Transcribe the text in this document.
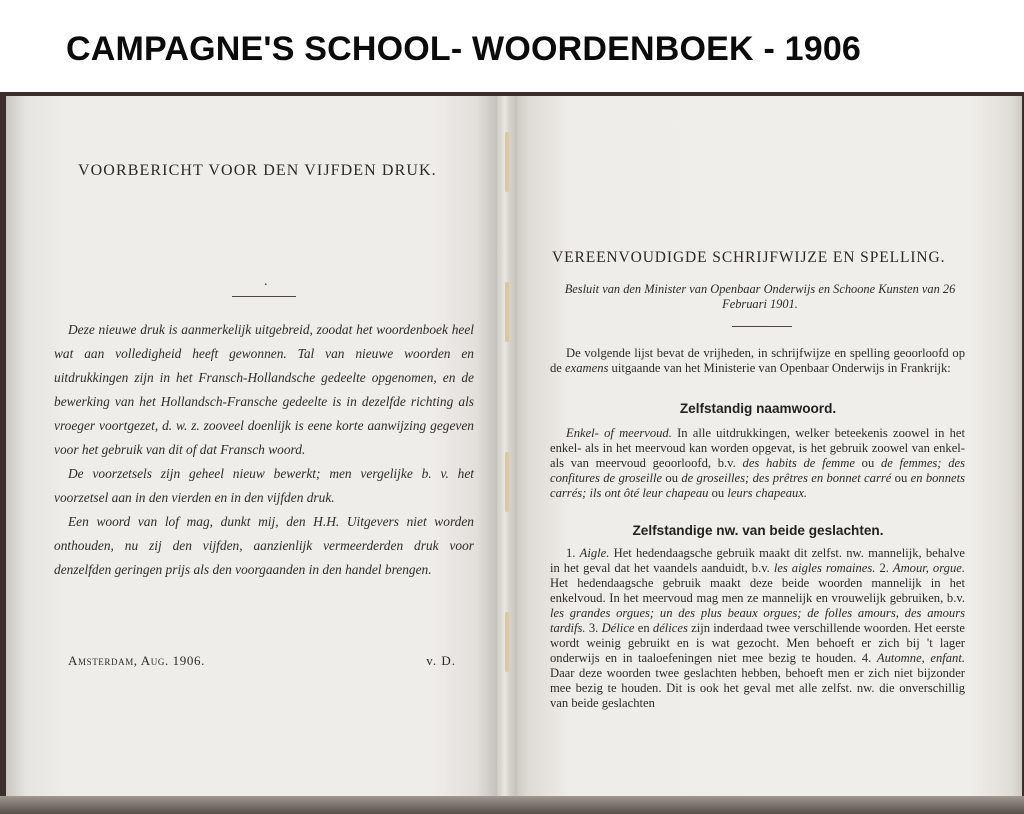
CAMPAGNE'S SCHOOL- WOORDENBOEK - 1906
VOORBERICHT VOOR DEN VIJFDEN DRUK.
.

Deze nieuwe druk is aanmerkelijk uitgebreid, zoodat het woordenboek heel wat aan volledigheid heeft gewonnen. Tal van nieuwe woorden en uitdrukkingen zijn in het Fransch-Hollandsche gedeelte opgenomen, en de bewerking van het Hollandsch-Fransche gedeelte is in dezelfde richting als vroeger voortgezet, d. w. z. zooveel doenlijk is eene korte aanwijzing gegeven voor het gebruik van dit of dat Fransch woord.

De voorzetsels zijn geheel nieuw bewerkt; men vergelijke b. v. het voorzetsel aan in den vierden en in den vijfden druk.

Een woord van lof mag, dunkt mij, den H.H. Uitgevers niet worden onthouden, nu zij den vijfden, aanzienlijk vermeerderden druk voor denzelfden geringen prijs als den voorgaanden in den handel brengen.

Amsterdam, Aug. 1906.	v. D.
VEREENVOUDIGDE SCHRIJFWIJZE EN SPELLING.
Besluit van den Minister van Openbaar Onderwijs en Schoone Kunsten van 26 Februari 1901.

De volgende lijst bevat de vrijheden, in schrijfwijze en spelling geoorloofd op de examens uitgaande van het Ministerie van Openbaar Onderwijs in Frankrijk:

Zelfstandig naamwoord.

Enkel- of meervoud. In alle uitdrukkingen, welker beteekenis zoowel in het enkel- als in het meervoud kan worden opgevat, is het gebruik zoowel van enkel- als van meervoud geoorloofd, b.v. des habits de femme ou de femmes; des confitures de groseille ou de groseilles; des prêtres en bonnet carré ou en bonnets carrés; ils ont ôté leur chapeau ou leurs chapeaux.

Zelfstandige nw. van beide geslachten.

1. Aigle. Het hedendaagsche gebruik maakt dit zelfst. nw. mannelijk, behalve in het geval dat het vaandels aanduidt, b.v. les aigles romaines. 2. Amour, orgue. Het hedendaagsche gebruik maakt deze beide woorden mannelijk in het enkelvoud. In het meervoud mag men ze mannelijk en vrouwelijk gebruiken, b.v. les grandes orgues; un des plus beaux orgues; de folles amours, des amours tardifs. 3. Délice en délices zijn inderdaad twee verschillende woorden. Het eerste wordt weinig gebruikt en is wat gezocht. Men behoeft er zich bij 't lager onderwijs en in taaloefeningen niet mee bezig te houden. 4. Automne, enfant. Daar deze woorden twee geslachten hebben, behoeft men er zich niet bijzonder mee bezig te houden. Dit is ook het geval met alle zelfst. nw. die onverschillig van beide geslachten
